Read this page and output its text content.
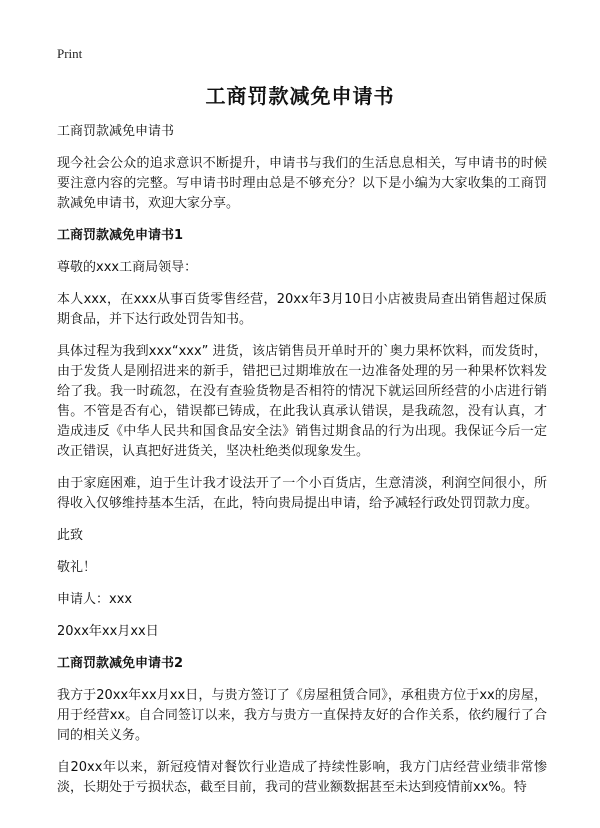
Print
工商罚款减免申请书

工商罚款减免申请书

现今社会公众的追求意识不断提升，申请书与我们的生活息息相关，写申请书的时候要注意内容的完整。写申请书时理由总是不够充分？以下是小编为大家收集的工商罚款减免申请书，欢迎大家分享。

工商罚款减免申请书1

尊敬的xxx工商局领导：

本人xxx，在xxx从事百货零售经营，20xx年3月10日小店被贵局查出销售超过保质期食品，并下达行政处罚告知书。

具体过程为我到xxx“xxx” 进货，该店销售员开单时开的`奥力果杯饮料，而发货时，由于发货人是刚招进来的新手，错把已过期堆放在一边准备处理的另一种果杯饮料发给了我。我一时疏忽，在没有查验货物是否相符的情况下就运回所经营的小店进行销售。不管是否有心，错误都已铸成，在此我认真承认错误，是我疏忽，没有认真，才造成违反《中华人民共和国食品安全法》销售过期食品的行为出现。我保证今后一定改正错误，认真把好进货关，坚决杜绝类似现象发生。

由于家庭困难，迫于生计我才设法开了一个小百货店，生意清淡，利润空间很小，所得收入仅够维持基本生活，在此，特向贵局提出申请，给予减轻行政处罚罚款力度。

此致

敬礼！

申请人：xxx

20xx年xx月xx日

工商罚款减免申请书2

我方于20xx年xx月xx日，与贵方签订了《房屋租赁合同》，承租贵方位于xx的房屋，用于经营xx。自合同签订以来，我方与贵方一直保持友好的合作关系，依约履行了合同的相关义务。

自20xx年以来，新冠疫情对餐饮行业造成了持续性影响，我方门店经营业绩非常惨淡，长期处于亏损状态，截至目前，我司的营业额数据甚至未达到疫情前xx%。特
